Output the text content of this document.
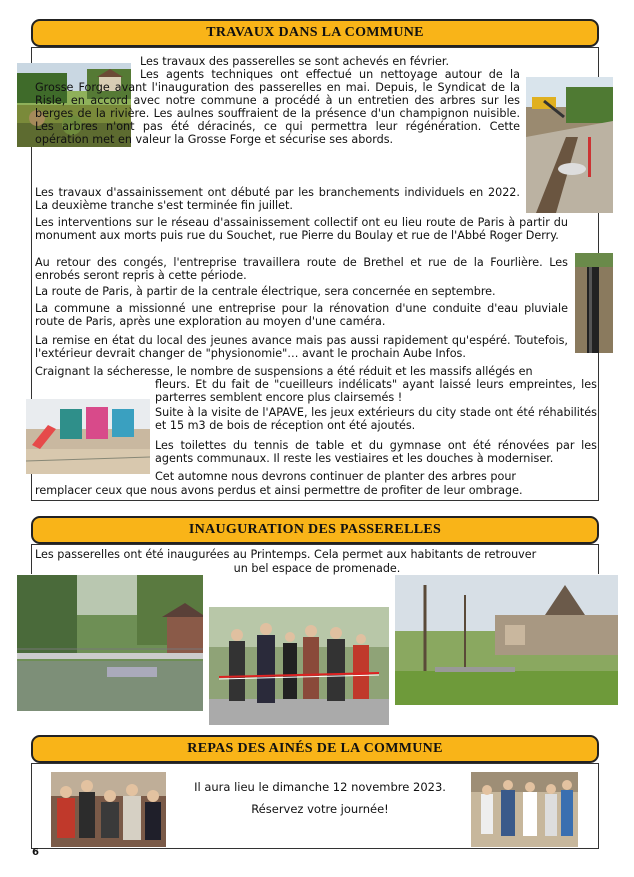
TRAVAUX DANS LA COMMUNE

Les travaux des passerelles se sont achevés en février.

Les agents techniques ont effectué un nettoyage autour de la Grosse Forge avant l'inauguration des passerelles en mai. Depuis, le Syndicat de la Risle, en accord avec notre commune a procédé à un entretien des arbres sur les berges de la rivière. Les aulnes souffraient de la présence d'un champignon nuisible. Les arbres n'ont pas été déracinés, ce qui permettra leur régénération. Cette opération met en valeur la Grosse Forge et sécurise ses abords.

Les travaux d'assainissement ont débuté par les branchements individuels en 2022. La deuxième tranche s'est terminée fin juillet.

Les interventions sur le réseau d'assainissement collectif ont eu lieu route de Paris à partir du monument aux morts puis rue du Souchet, rue Pierre du Boulay et rue de l'Abbé Roger Derry.

Au retour des congés, l'entreprise travaillera route de Brethel et rue de la Fourlière. Les enrobés seront repris à cette période.

La route de Paris, à partir de la centrale électrique, sera concernée en septembre.

La commune a missionné une entreprise pour la rénovation d'une conduite d'eau pluviale route de Paris, après une exploration au moyen d'une caméra.

La remise en état du local des jeunes avance mais pas aussi rapidement qu'espéré. Toutefois, l'extérieur devrait changer de "physionomie"… avant le prochain Aube Infos.

Craignant la sécheresse, le nombre de suspensions a été réduit et les massifs allégés en

fleurs. Et du fait de "cueilleurs indélicats" ayant laissé leurs empreintes, les parterres semblent encore plus clairsemés !

Suite à la visite de l'APAVE, les jeux extérieurs du city stade ont été réhabilités et 15 m3 de bois de réception ont été ajoutés.

Les toilettes du tennis de table et du gymnase ont été rénovées par les agents communaux. Il reste les vestiaires et les douches à moderniser.

Cet automne nous devrons continuer de planter des arbres pour

remplacer ceux que nous avons perdus et ainsi permettre de profiter de leur ombrage.

INAUGURATION DES PASSERELLES

Les passerelles ont été inaugurées au Printemps. Cela permet aux habitants de retrouver

un bel espace de promenade.

REPAS DES AINÉS DE LA COMMUNE
Il aura lieu le dimanche 12 novembre 2023.
Réservez votre journée!
6
